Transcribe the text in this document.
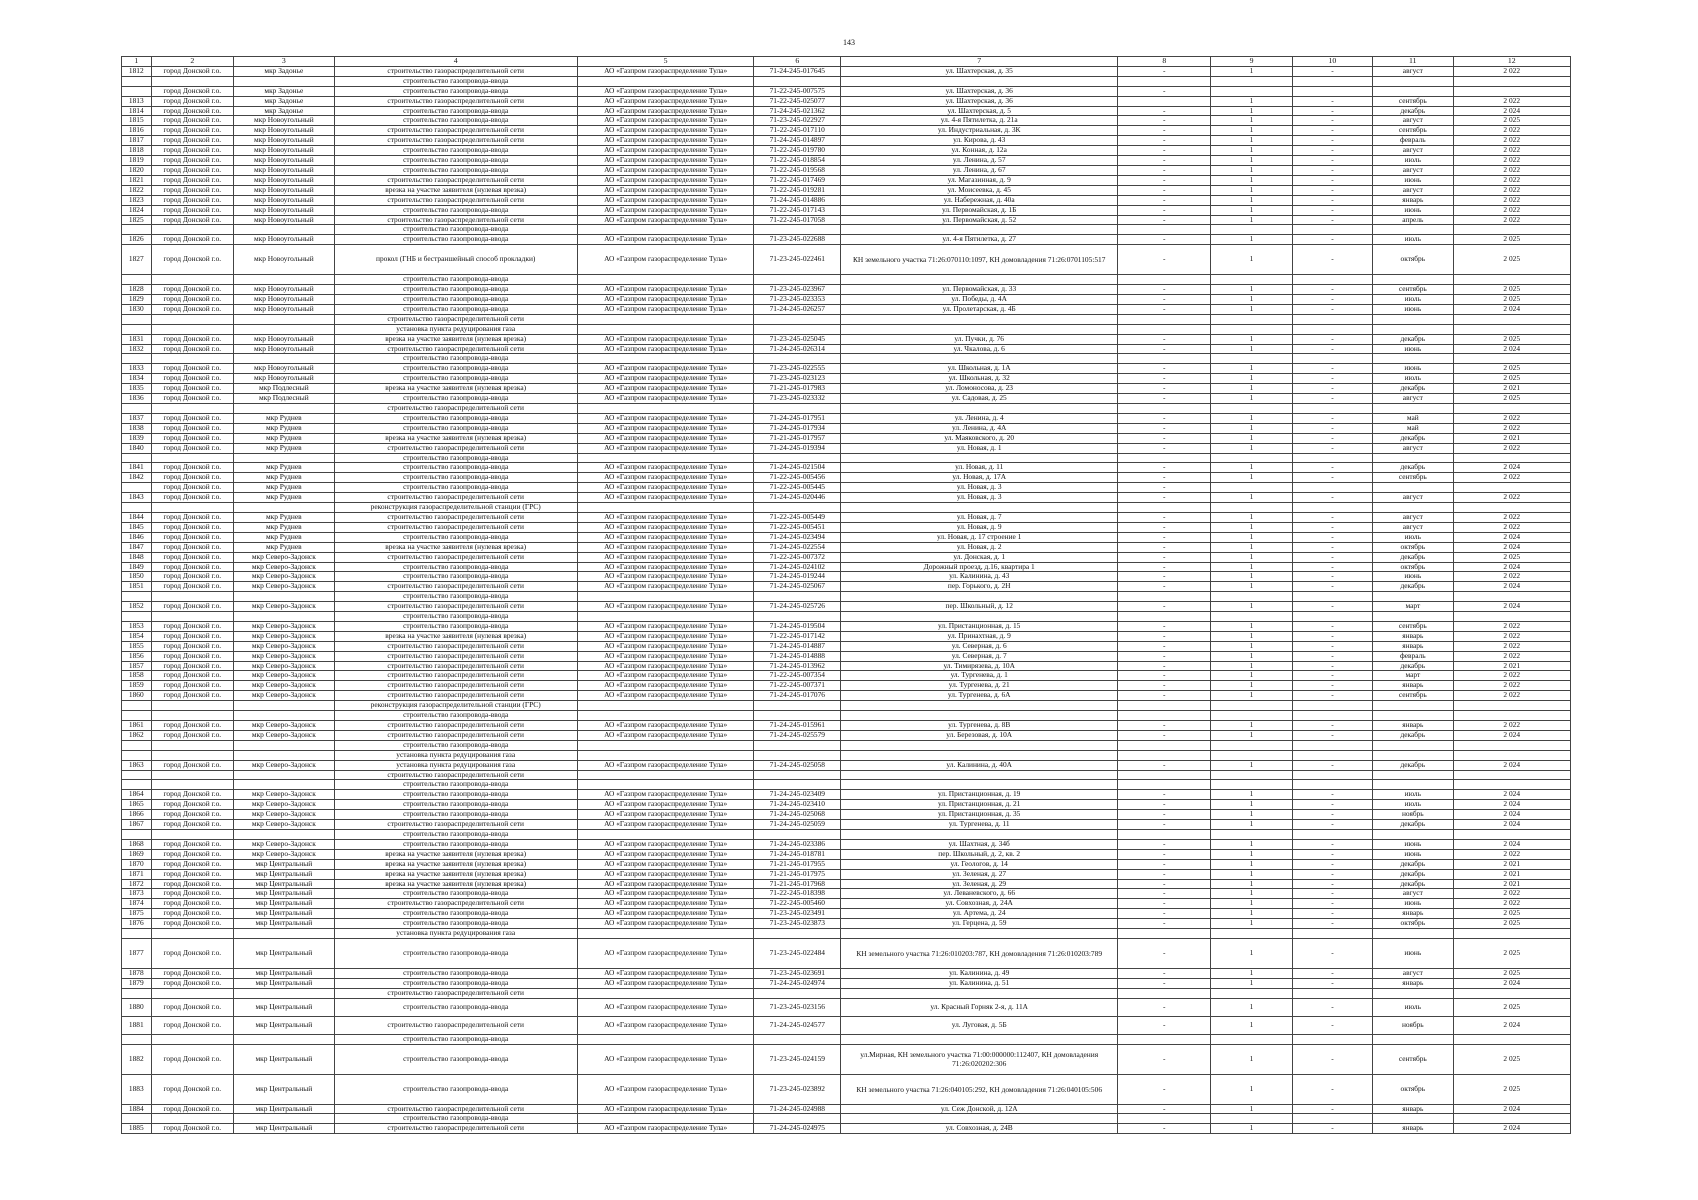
143
1	2	3	4	5	6	7	8	9	10	11	12
1812	город Донской г.о.	мкр Задонье	строительство газораспределительной сети	АО «Газпром газораспределение Тула»	71-24-245-017645	ул. Шахтерская, д. 35	-	1	-	август	2 022
			строительство газопровода-ввода								
	город Донской г.о.	мкр Задонье	строительство газопровода-ввода	АО «Газпром газораспределение Тула»	71-22-245-007575	ул. Шахтерская, д. 36	-				
1813	город Донской г.о.	мкр Задонье	строительство газораспределительной сети	АО «Газпром газораспределение Тула»	71-22-245-025077	ул. Шахтерская, д. 36		1	-	сентябрь	2 022
1814	город Донской г.о.	мкр Задонье	строительство газопровода-ввода	АО «Газпром газораспределение Тула»	71-24-245-021362	ул. Шахтерская, д. 5	-	1	-	декабрь	2 024
1815	город Донской г.о.	мкр Новоугольный	строительство газопровода-ввода	АО «Газпром газораспределение Тула»	71-23-245-022927	ул. 4-я Пятилетка, д. 21а	-	1	-	август	2 025
1816	город Донской г.о.	мкр Новоугольный	строительство газораспределительной сети	АО «Газпром газораспределение Тула»	71-22-245-017110	ул. Индустриальная, д. 3К	-	1	-	сентябрь	2 022
1817	город Донской г.о.	мкр Новоугольный	строительство газораспределительной сети	АО «Газпром газораспределение Тула»	71-24-245-014897	ул. Кирова, д. 43	-	1	-	февраль	2 022
1818	город Донской г.о.	мкр Новоугольный	строительство газопровода-ввода	АО «Газпром газораспределение Тула»	71-22-245-019780	ул. Конная, д. 12а	-	1	-	август	2 022
1819	город Донской г.о.	мкр Новоугольный	строительство газопровода-ввода	АО «Газпром газораспределение Тула»	71-22-245-018854	ул. Ленина, д. 57	-	1	-	июль	2 022
1820	город Донской г.о.	мкр Новоугольный	строительство газопровода-ввода	АО «Газпром газораспределение Тула»	71-22-245-019568	ул. Ленина, д. 67	-	1	-	август	2 022
1821	город Донской г.о.	мкр Новоугольный	строительство газораспределительной сети	АО «Газпром газораспределение Тула»	71-22-245-017469	ул. Магазинная, д. 9	-	1	-	июнь	2 022
1822	город Донской г.о.	мкр Новоугольный	врезка на участке заявителя (нулевая врезка)	АО «Газпром газораспределение Тула»	71-22-245-019281	ул. Моисеевка, д. 45	-	1	-	август	2 022
1823	город Донской г.о.	мкр Новоугольный	строительство газораспределительной сети	АО «Газпром газораспределение Тула»	71-24-245-014886	ул. Набережная, д. 40а	-	1	-	январь	2 022
1824	город Донской г.о.	мкр Новоугольный	строительство газопровода-ввода	АО «Газпром газораспределение Тула»	71-22-245-017143	ул. Первомайская, д. 1Б	-	1	-	июнь	2 022
1825	город Донской г.о.	мкр Новоугольный	строительство газораспределительной сети	АО «Газпром газораспределение Тула»	71-22-245-017058	ул. Первомайская, д. 52	-	1	-	апрель	2 022
			строительство газопровода-ввода								
1826	город Донской г.о.	мкр Новоугольный	строительство газопровода-ввода	АО «Газпром газораспределение Тула»	71-23-245-022688	ул. 4-я Пятилетка, д. 27	-	1	-	июль	2 025
1827	город Донской г.о.	мкр Новоугольный	прокол (ГНБ и бестраншейный способ прокладки)	АО «Газпром газораспределение Тула»	71-23-245-022461	КН земельного участка 71:26:070110:1097, КН домовладения 71:26:0701105:517	-	1	-	октябрь	2 025
			строительство газопровода-ввода								
1828	город Донской г.о.	мкр Новоугольный	строительство газопровода-ввода	АО «Газпром газораспределение Тула»	71-23-245-023967	ул. Первомайская, д. 33	-	1	-	сентябрь	2 025
1829	город Донской г.о.	мкр Новоугольный	строительство газопровода-ввода	АО «Газпром газораспределение Тула»	71-23-245-023353	ул. Победы, д. 4А	-	1	-	июль	2 025
1830	город Донской г.о.	мкр Новоугольный	строительство газопровода-ввода	АО «Газпром газораспределение Тула»	71-24-245-026257	ул. Пролетарская, д. 4Б	-	1	-	июнь	2 024
			строительство газораспределительной сети								
			установка пункта редуцирования газа								
1831	город Донской г.о.	мкр Новоугольный	врезка на участке заявителя (нулевая врезка)	АО «Газпром газораспределение Тула»	71-23-245-025045	ул. Пучки, д. 76	-	1	-	декабрь	2 025
1832	город Донской г.о.	мкр Новоугольный	строительство газораспределительной сети	АО «Газпром газораспределение Тула»	71-24-245-026314	ул. Чкалова, д. 6	-	1	-	июнь	2 024
			строительство газопровода-ввода								
1833	город Донской г.о.	мкр Новоугольный	строительство газопровода-ввода	АО «Газпром газораспределение Тула»	71-23-245-022555	ул. Школьная, д. 1А	-	1	-	июнь	2 025
1834	город Донской г.о.	мкр Новоугольный	строительство газопровода-ввода	АО «Газпром газораспределение Тула»	71-23-245-023123	ул. Школьная, д. 32	-	1	-	июль	2 025
1835	город Донской г.о.	мкр Подлесный	врезка на участке заявителя (нулевая врезка)	АО «Газпром газораспределение Тула»	71-21-245-017983	ул. Ломоносова, д. 23	-	1	-	декабрь	2 021
1836	город Донской г.о.	мкр Подлесный	строительство газопровода-ввода	АО «Газпром газораспределение Тула»	71-23-245-023332	ул. Садовая, д. 25	-	1	-	август	2 025
			строительство газораспределительной сети								
1837	город Донской г.о.	мкр Руднев	строительство газопровода-ввода	АО «Газпром газораспределение Тула»	71-24-245-017951	ул. Ленина, д. 4	-	1	-	май	2 022
1838	город Донской г.о.	мкр Руднев	строительство газопровода-ввода	АО «Газпром газораспределение Тула»	71-24-245-017934	ул. Ленина, д. 4А	-	1	-	май	2 022
1839	город Донской г.о.	мкр Руднев	врезка на участке заявителя (нулевая врезка)	АО «Газпром газораспределение Тула»	71-21-245-017957	ул. Маяковского, д. 20	-	1	-	декабрь	2 021
1840	город Донской г.о.	мкр Руднев	строительство газораспределительной сети	АО «Газпром газораспределение Тула»	71-24-245-019394	ул. Новая, д. 1	-	1	-	август	2 022
			строительство газопровода-ввода								
1841	город Донской г.о.	мкр Руднев	строительство газопровода-ввода	АО «Газпром газораспределение Тула»	71-24-245-021504	ул. Новая, д. 11	-	1	-	декабрь	2 024
1842	город Донской г.о.	мкр Руднев	строительство газопровода-ввода	АО «Газпром газораспределение Тула»	71-22-245-005456	ул. Новая, д. 17А	-	1	-	сентябрь	2 022
	город Донской г.о.	мкр Руднев	строительство газопровода-ввода	АО «Газпром газораспределение Тула»	71-22-245-005445	ул. Новая, д. 3	-				
1843	город Донской г.о.	мкр Руднев	строительство газораспределительной сети	АО «Газпром газораспределение Тула»	71-24-245-020446	ул. Новая, д. 3	-	1	-	август	2 022
			реконструкция газораспределительной станции (ГРС)								
1844	город Донской г.о.	мкр Руднев	строительство газораспределительной сети	АО «Газпром газораспределение Тула»	71-22-245-005449	ул. Новая, д. 7	-	1	-	август	2 022
1845	город Донской г.о.	мкр Руднев	строительство газораспределительной сети	АО «Газпром газораспределение Тула»	71-22-245-005451	ул. Новая, д. 9	-	1	-	август	2 022
1846	город Донской г.о.	мкр Руднев	строительство газопровода-ввода	АО «Газпром газораспределение Тула»	71-24-245-023494	ул. Новая, д. 17 строение 1	-	1	-	июль	2 024
1847	город Донской г.о.	мкр Руднев	врезка на участке заявителя (нулевая врезка)	АО «Газпром газораспределение Тула»	71-24-245-022554	ул. Новая, д. 2	-	1	-	октябрь	2 024
1848	город Донской г.о.	мкр Северо-Задонск	строительство газораспределительной сети	АО «Газпром газораспределение Тула»	71-22-245-007372	ул. Донская, д. 1	-	1	-	декабрь	2 025
1849	город Донской г.о.	мкр Северо-Задонск	строительство газопровода-ввода	АО «Газпром газораспределение Тула»	71-24-245-024102	Дорожный проезд, д.16, квартира 1	-	1	-	октябрь	2 024
1850	город Донской г.о.	мкр Северо-Задонск	строительство газопровода-ввода	АО «Газпром газораспределение Тула»	71-24-245-019244	ул. Калинина, д. 43	-	1	-	июнь	2 022
1851	город Донской г.о.	мкр Северо-Задонск	строительство газораспределительной сети	АО «Газпром газораспределение Тула»	71-24-245-025067	пер. Горького, д. 2Н	-	1	-	декабрь	2 024
			строительство газопровода-ввода								
1852	город Донской г.о.	мкр Северо-Задонск	строительство газораспределительной сети	АО «Газпром газораспределение Тула»	71-24-245-025726	пер. Школьный, д. 12	-	1	-	март	2 024
			строительство газопровода-ввода								
1853	город Донской г.о.	мкр Северо-Задонск	строительство газопровода-ввода	АО «Газпром газораспределение Тула»	71-24-245-019504	ул. Пристанционная, д. 15	-	1	-	сентябрь	2 022
1854	город Донской г.о.	мкр Северо-Задонск	врезка на участке заявителя (нулевая врезка)	АО «Газпром газораспределение Тула»	71-22-245-017142	ул. Принахтная, д. 9	-	1	-	январь	2 022
1855	город Донской г.о.	мкр Северо-Задонск	строительство газораспределительной сети	АО «Газпром газораспределение Тула»	71-24-245-014887	ул. Северная, д. 6	-	1	-	январь	2 022
1856	город Донской г.о.	мкр Северо-Задонск	строительство газораспределительной сети	АО «Газпром газораспределение Тула»	71-24-245-014888	ул. Северная, д. 7	-	1	-	февраль	2 022
1857	город Донской г.о.	мкр Северо-Задонск	строительство газораспределительной сети	АО «Газпром газораспределение Тула»	71-24-245-013962	ул. Тимирязева, д. 10А	-	1	-	декабрь	2 021
1858	город Донской г.о.	мкр Северо-Задонск	строительство газораспределительной сети	АО «Газпром газораспределение Тула»	71-22-245-007354	ул. Тургенева, д. 1	-	1	-	март	2 022
1859	город Донской г.о.	мкр Северо-Задонск	строительство газораспределительной сети	АО «Газпром газораспределение Тула»	71-22-245-007371	ул. Тургенева, д. 21	-	1	-	январь	2 022
1860	город Донской г.о.	мкр Северо-Задонск	строительство газораспределительной сети	АО «Газпром газораспределение Тула»	71-24-245-017076	ул. Тургенева, д. 6А	-	1	-	сентябрь	2 022
			реконструкция газораспределительной станции (ГРС)								
			строительство газопровода-ввода								
1861	город Донской г.о.	мкр Северо-Задонск	строительство газораспределительной сети	АО «Газпром газораспределение Тула»	71-24-245-015961	ул. Тургенева, д. 8В	-	1	-	январь	2 022
1862	город Донской г.о.	мкр Северо-Задонск	строительство газораспределительной сети	АО «Газпром газораспределение Тула»	71-24-245-025579	ул. Березовая, д. 10А	-	1	-	декабрь	2 024
			строительство газопровода-ввода								
			установка пункта редуцирования газа								
1863	город Донской г.о.	мкр Северо-Задонск	установка пункта редуцирования газа	АО «Газпром газораспределение Тула»	71-24-245-025058	ул. Калинина, д. 40А	-	1	-	декабрь	2 024
			строительство газораспределительной сети								
			строительство газопровода-ввода								
1864	город Донской г.о.	мкр Северо-Задонск	строительство газопровода-ввода	АО «Газпром газораспределение Тула»	71-24-245-023409	ул. Пристанционная, д. 19	-	1	-	июль	2 024
1865	город Донской г.о.	мкр Северо-Задонск	строительство газопровода-ввода	АО «Газпром газораспределение Тула»	71-24-245-023410	ул. Пристанционная, д. 21	-	1	-	июль	2 024
1866	город Донской г.о.	мкр Северо-Задонск	строительство газопровода-ввода	АО «Газпром газораспределение Тула»	71-24-245-025068	ул. Пристанционная, д. 35	-	1	-	ноябрь	2 024
1867	город Донской г.о.	мкр Северо-Задонск	строительство газораспределительной сети	АО «Газпром газораспределение Тула»	71-24-245-025059	ул. Тургенева, д. 11	-	1	-	декабрь	2 024
			строительство газопровода-ввода								
1868	город Донской г.о.	мкр Северо-Задонск	строительство газопровода-ввода	АО «Газпром газораспределение Тула»	71-24-245-023386	ул. Шахтная, д. 34б	-	1	-	июнь	2 024
1869	город Донской г.о.	мкр Северо-Задонск	врезка на участке заявителя (нулевая врезка)	АО «Газпром газораспределение Тула»	71-24-245-018781	пер. Школьный, д. 2, кв. 2	-	1	-	июнь	2 022
1870	город Донской г.о.	мкр Центральный	врезка на участке заявителя (нулевая врезка)	АО «Газпром газораспределение Тула»	71-21-245-017955	ул. Геологов, д. 14	-	1	-	декабрь	2 021
1871	город Донской г.о.	мкр Центральный	врезка на участке заявителя (нулевая врезка)	АО «Газпром газораспределение Тула»	71-21-245-017975	ул. Зеленая, д. 27	-	1	-	декабрь	2 021
1872	город Донской г.о.	мкр Центральный	врезка на участке заявителя (нулевая врезка)	АО «Газпром газораспределение Тула»	71-21-245-017968	ул. Зеленая, д. 29	-	1	-	декабрь	2 021
1873	город Донской г.о.	мкр Центральный	строительство газопровода-ввода	АО «Газпром газораспределение Тула»	71-22-245-018398	ул. Леваневского, д. 66	-	1	-	август	2 022
1874	город Донской г.о.	мкр Центральный	строительство газораспределительной сети	АО «Газпром газораспределение Тула»	71-22-245-005460	ул. Совхозная, д. 24А	-	1	-	июнь	2 022
1875	город Донской г.о.	мкр Центральный	строительство газопровода-ввода	АО «Газпром газораспределение Тула»	71-23-245-023491	ул. Артема, д. 24	-	1	-	январь	2 025
1876	город Донской г.о.	мкр Центральный	строительство газопровода-ввода	АО «Газпром газораспределение Тула»	71-23-245-023873	ул. Герцена, д. 59	-	1	-	октябрь	2 025
			установка пункта редуцирования газа								
1877	город Донской г.о.	мкр Центральный	строительство газопровода-ввода	АО «Газпром газораспределение Тула»	71-23-245-022484	КН земельного участка 71:26:010203:787, КН домовладения 71:26:010203:789	-	1	-	июнь	2 025
1878	город Донской г.о.	мкр Центральный	строительство газопровода-ввода	АО «Газпром газораспределение Тула»	71-23-245-023691	ул. Калинина, д. 49	-	1	-	август	2 025
1879	город Донской г.о.	мкр Центральный	строительство газопровода-ввода	АО «Газпром газораспределение Тула»	71-24-245-024974	ул. Калинина, д. 51	-	1	-	январь	2 024
			строительство газораспределительной сети								
1880	город Донской г.о.	мкр Центральный	строительство газопровода-ввода	АО «Газпром газораспределение Тула»	71-23-245-023156	ул. Красный Горняк 2-я, д. 11А	-	1	-	июль	2 025
1881	город Донской г.о.	мкр Центральный	строительство газораспределительной сети	АО «Газпром газораспределение Тула»	71-24-245-024577	ул. Луговая, д. 5Б	-	1	-	ноябрь	2 024
			строительство газопровода-ввода								
1882	город Донской г.о.	мкр Центральный	строительство газопровода-ввода	АО «Газпром газораспределение Тула»	71-23-245-024159	ул.Мирная, КН земельного участка 71:00:000000:112407, КН домовладения 71:26:020202:306	-	1	-	сентябрь	2 025
1883	город Донской г.о.	мкр Центральный	строительство газопровода-ввода	АО «Газпром газораспределение Тула»	71-23-245-023892	КН земельного участка 71:26:040105:292, КН домовладения 71:26:040105:506	-	1	-	октябрь	2 025
1884	город Донской г.о.	мкр Центральный	строительство газораспределительной сети	АО «Газпром газораспределение Тула»	71-24-245-024988	ул. Сеж Донской, д. 12А	-	1	-	январь	2 024
			строительство газопровода-ввода								
1885	город Донской г.о.	мкр Центральный	строительство газораспределительной сети	АО «Газпром газораспределение Тула»	71-24-245-024975	ул. Совхозная, д. 24В	-	1	-	январь	2 024
